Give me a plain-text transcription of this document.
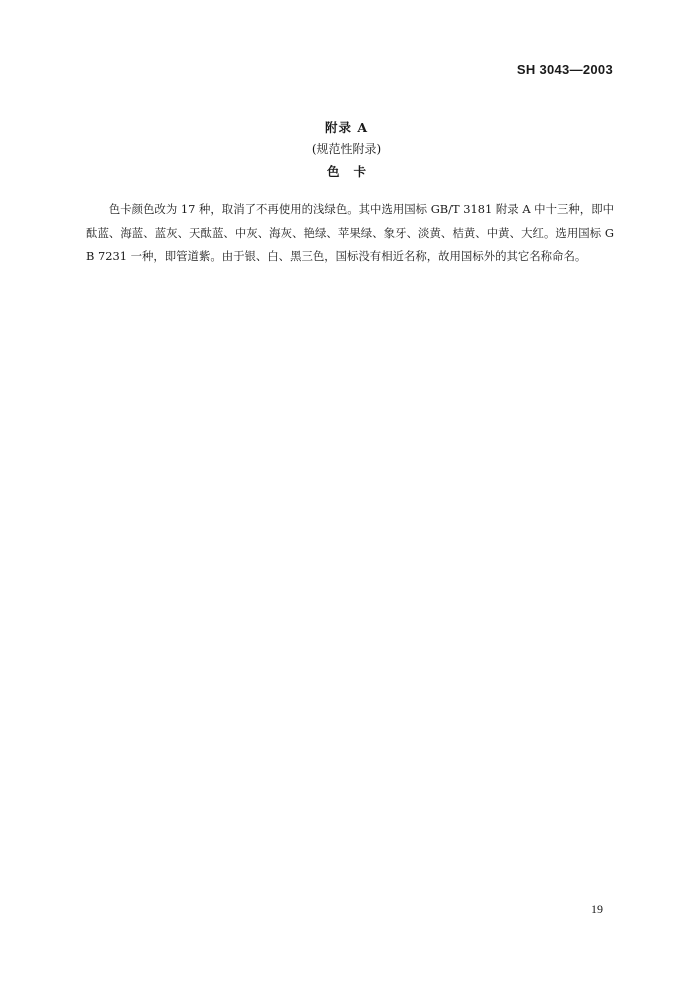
SH 3043—2003
附录 A
(规范性附录)
色卡

色卡颜色改为 17 种，取消了不再使用的浅绿色。其中选用国标 GB/T 3181 附录 A 中十三种，即中酞蓝、海蓝、蓝灰、天酞蓝、中灰、海灰、艳绿、苹果绿、象牙、淡黄、桔黄、中黄、大红。选用国标 GB 7231 一种，即管道紫。由于银、白、黑三色，国标没有相近名称，故用国标外的其它名称命名。

19
